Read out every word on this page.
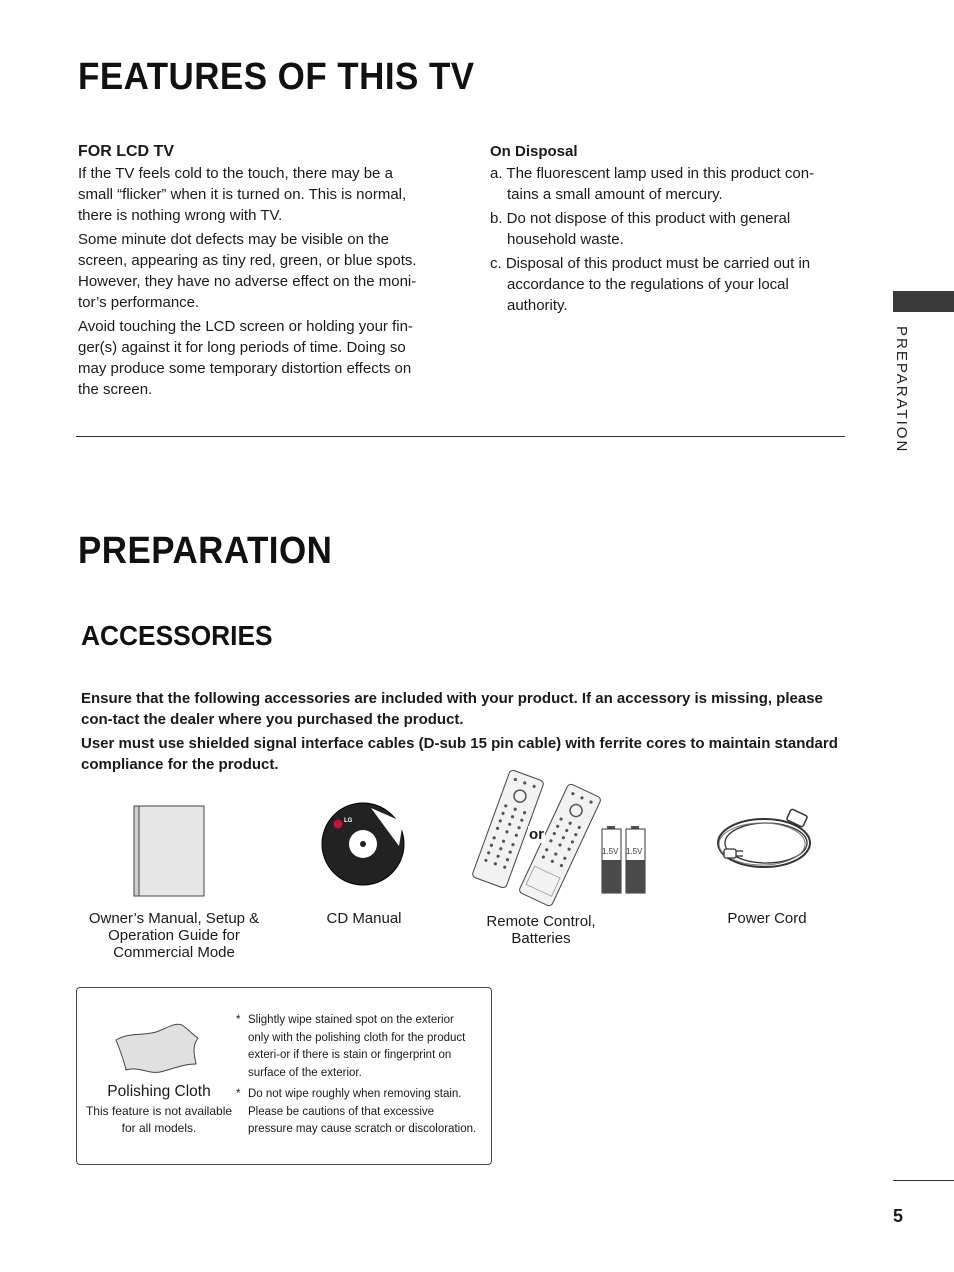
FEATURES OF THIS TV
FOR LCD TV

If the TV feels cold to the touch, there may be a small “flicker” when it is turned on. This is normal, there is nothing wrong with TV.

Some minute dot defects may be visible on the screen, appearing as tiny red, green, or blue spots. However, they have no adverse effect on the moni-tor’s performance.

Avoid touching the LCD screen or holding your fin-ger(s) against it for long periods of time. Doing so may produce some temporary distortion effects on the screen.

On Disposal

a. The fluorescent lamp used in this product con-tains a small amount of mercury.

b. Do not dispose of this product with general household waste.

c. Disposal of this product must be carried out in accordance to the regulations of your local authority.

PREPARATION
PREPARATION
ACCESSORIES

Ensure that the following accessories are included with your product. If an accessory is missing, please con-tact the dealer where you purchased the product.

User must use shielded signal interface cables (D-sub 15 pin cable) with ferrite cores to maintain standard compliance for the product.

Owner’s Manual, Setup & Operation Guide for Commercial Mode
LG
CD Manual
or
1.5V 1.5V
Remote Control, Batteries
Power Cord
Polishing Cloth
This feature is not available for all models.
* Slightly wipe stained spot on the exterior only with the polishing cloth for the product exteri-or if there is stain or fingerprint on surface of the exterior.
* Do not wipe roughly when removing stain. Please be cautions of that excessive pressure may cause scratch or discoloration.
5
